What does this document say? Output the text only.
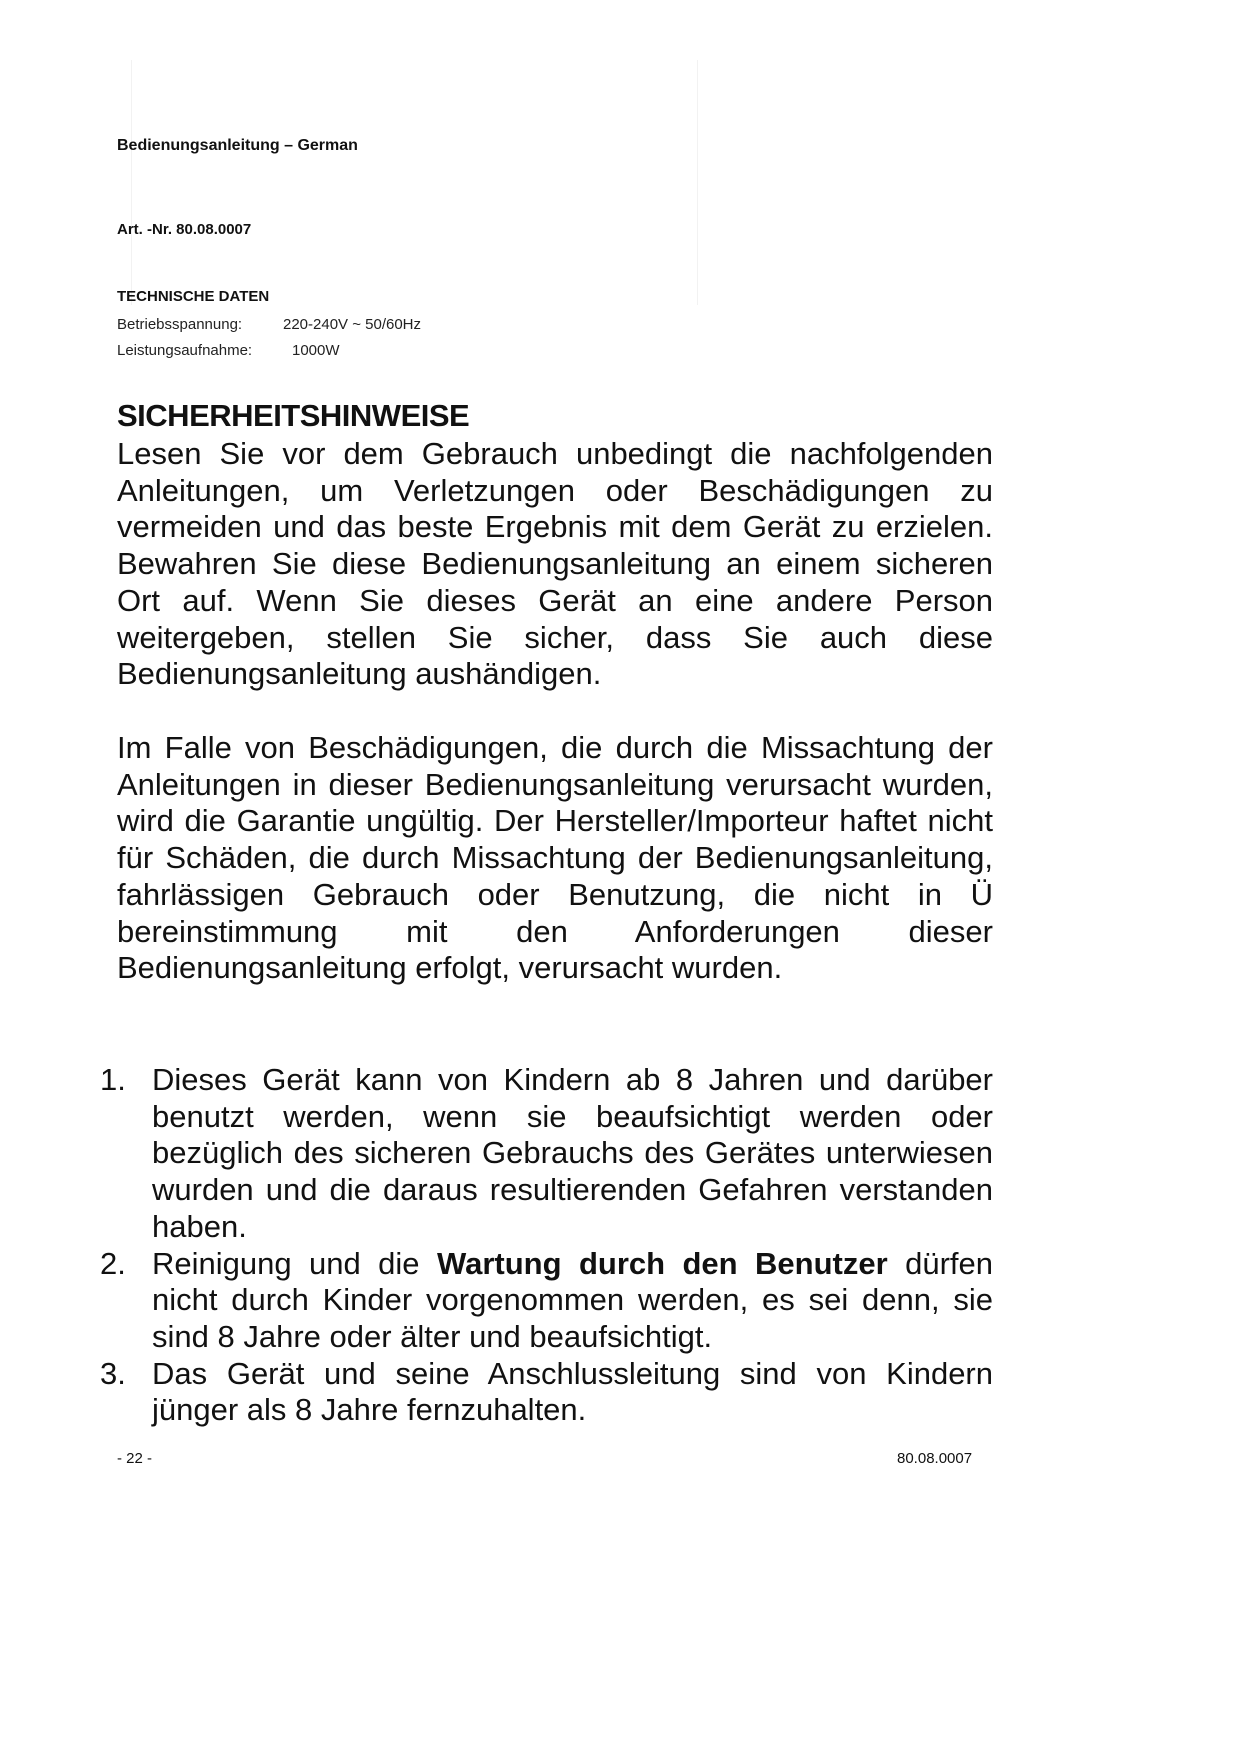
Bedienungsanleitung – German
Art. -Nr. 80.08.0007
TECHNISCHE DATEN
Betriebsspannung:	220-240V ~ 50/60Hz
Leistungsaufnahme:	1000W
SICHERHEITSHINWEISE
Lesen Sie vor dem Gebrauch unbedingt die nachfolgenden Anleitungen, um Verletzungen oder Beschädigungen zu vermeiden und das beste Ergebnis mit dem Gerät zu erzielen. Bewahren Sie diese Bedienungsanleitung an einem sicheren Ort auf. Wenn Sie dieses Gerät an eine andere Person weitergeben, stellen Sie sicher, dass Sie auch diese Bedienungsanleitung aushändigen.
Im Falle von Beschädigungen, die durch die Missachtung der Anleitungen in dieser Bedienungsanleitung verursacht wurden, wird die Garantie ungültig. Der Hersteller/Importeur haftet nicht für Schäden, die durch Missachtung der Bedienungsanleitung, fahrlässigen Gebrauch oder Benutzung, die nicht in Ü bereinstimmung mit den Anforderungen dieser Bedienungsanleitung erfolgt, verursacht wurden.
1. Dieses Gerät kann von Kindern ab 8 Jahren und darüber benutzt werden, wenn sie beaufsichtigt werden oder bezüglich des sicheren Gebrauchs des Gerätes unterwiesen wurden und die daraus resultierenden Gefahren verstanden haben.
2. Reinigung und die Wartung durch den Benutzer dürfen nicht durch Kinder vorgenommen werden, es sei denn, sie sind 8 Jahre oder älter und beaufsichtigt.
3. Das Gerät und seine Anschlussleitung sind von Kindern jünger als 8 Jahre fernzuhalten.
- 22 -	80.08.0007
